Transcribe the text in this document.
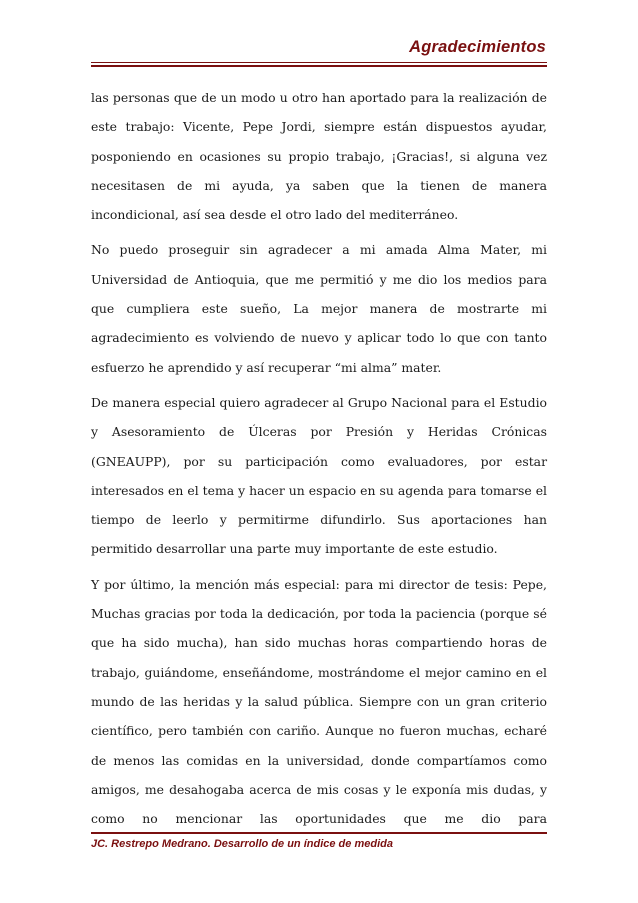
Agradecimientos

las personas que de un modo u otro han aportado para la realización de este trabajo: Vicente, Pepe Jordi, siempre están dispuestos ayudar, posponiendo en ocasiones su propio trabajo, ¡Gracias!, si alguna vez necesitasen de mi ayuda, ya saben que la tienen de manera incondicional, así sea desde el otro lado del mediterráneo.

No puedo proseguir sin agradecer a mi amada Alma Mater, mi Universidad de Antioquia, que me permitió y me dio los medios para que cumpliera este sueño, La mejor manera de mostrarte mi agradecimiento es volviendo de nuevo y aplicar todo lo que con tanto esfuerzo he aprendido y así recuperar “mi alma” mater.

De manera especial quiero agradecer al Grupo Nacional para el Estudio y Asesoramiento de Úlceras por Presión y Heridas Crónicas (GNEAUPP), por su participación como evaluadores, por estar interesados en el tema y hacer un espacio en su agenda para tomarse el tiempo de leerlo y permitirme difundirlo. Sus aportaciones han permitido desarrollar una parte muy importante de este estudio.

Y por último, la mención más especial: para mi director de tesis: Pepe, Muchas gracias por toda la dedicación, por toda la paciencia (porque sé que ha sido mucha), han sido muchas horas compartiendo horas de trabajo, guiándome, enseñándome, mostrándome el mejor camino en el mundo de las heridas y la salud pública. Siempre con un gran criterio científico, pero también con cariño. Aunque no fueron muchas, echaré de menos las comidas en la universidad, donde compartíamos como amigos, me desahogaba acerca de mis cosas y le exponía mis dudas, y como no mencionar las oportunidades que me dio para

JC. Restrepo Medrano. Desarrollo de un índice de medida
